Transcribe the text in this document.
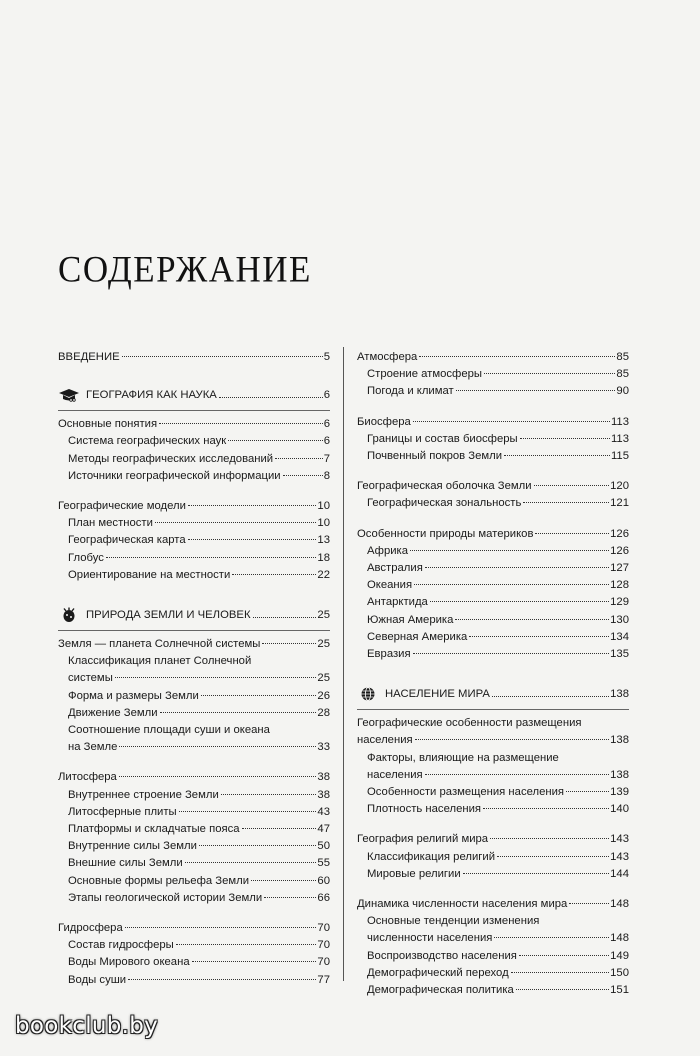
СОДЕРЖАНИЕ
ВВЕДЕНИЕ	5
ГЕОГРАФИЯ КАК НАУКА	6
Основные понятия	6
Система географических наук	6
Методы географических исследований	7
Источники географической информации	8
Географические модели	10
План местности	10
Географическая карта	13
Глобус	18
Ориентирование на местности	22
ПРИРОДА ЗЕМЛИ И ЧЕЛОВЕК	25
Земля — планета Солнечной системы	25
Классификация планет Солнечной
системы	25
Форма и размеры Земли	26
Движение Земли	28
Соотношение площади суши и океана
на Земле	33
Литосфера	38
Внутреннее строение Земли	38
Литосферные плиты	43
Платформы и складчатые пояса	47
Внутренние силы Земли	50
Внешние силы Земли	55
Основные формы рельефа Земли	60
Этапы геологической истории Земли	66
Гидросфера	70
Состав гидросферы	70
Воды Мирового океана	70
Воды суши	77
Атмосфера	85
Строение атмосферы	85
Погода и климат	90
Биосфера	113
Границы и состав биосферы	113
Почвенный покров Земли	115
Географическая оболочка Земли	120
Географическая зональность	121
Особенности природы материков	126
Африка	126
Австралия	127
Океания	128
Антарктида	129
Южная Америка	130
Северная Америка	134
Евразия	135
НАСЕЛЕНИЕ МИРА	138
Географические особенности размещения
населения	138
Факторы, влияющие на размещение
населения	138
Особенности размещения населения	139
Плотность населения	140
География религий мира	143
Классификация религий	143
Мировые религии	144
Динамика численности населения мира	148
Основные тенденции изменения
численности населения	148
Воспроизводство населения	149
Демографический переход	150
Демографическая политика	151
bookclub.by
